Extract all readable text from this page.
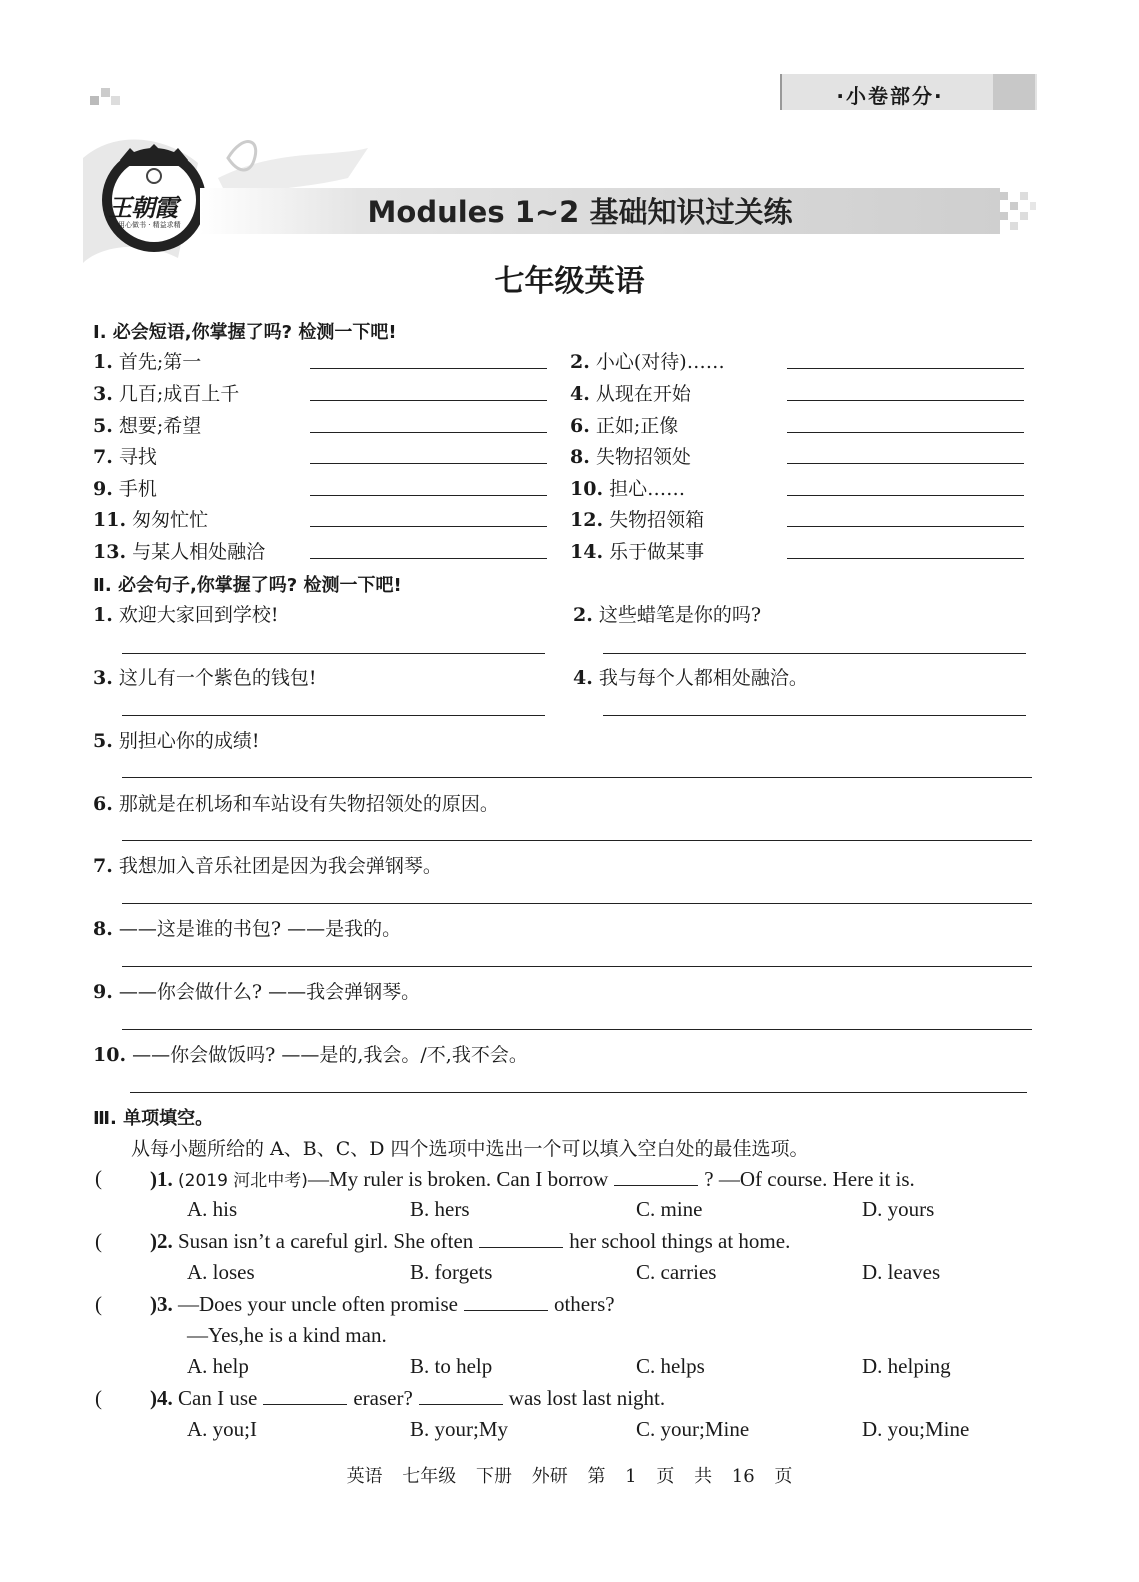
·小卷部分·
王朝霞
用心做书 · 精益求精	Modules 1~2 基础知识过关练
七年级英语
Ⅰ. 必会短语,你掌握了吗? 检测一下吧!
1. 首先;第一	2. 小心(对待)……
3. 几百;成百上千	4. 从现在开始
5. 想要;希望	6. 正如;正像
7. 寻找	8. 失物招领处
9. 手机	10. 担心……
11. 匆匆忙忙	12. 失物招领箱
13. 与某人相处融洽	14. 乐于做某事
Ⅱ. 必会句子,你掌握了吗? 检测一下吧!
1. 欢迎大家回到学校!	2. 这些蜡笔是你的吗?
3. 这儿有一个紫色的钱包!	4. 我与每个人都相处融洽。
5. 别担心你的成绩!
6. 那就是在机场和车站设有失物招领处的原因。
7. 我想加入音乐社团是因为我会弹钢琴。
8. ——这是谁的书包? ——是我的。
9. ——你会做什么? ——我会弹钢琴。
10. ——你会做饭吗? ——是的,我会。/不,我不会。
Ⅲ. 单项填空。
从每小题所给的 A、B、C、D 四个选项中选出一个可以填入空白处的最佳选项。
( )1. (2019 河北中考)—My ruler is broken. Can I borrow	? —Of course. Here it is.
A. his	B. hers	C. mine	D. yours
( )2. Susan isn’t a careful girl. She often	her school things at home.
A. loses	B. forgets	C. carries	D. leaves
( )3. —Does your uncle often promise	others?
—Yes,he is a kind man.
A. help	B. to help	C. helps	D. helping
( )4. Can I use	eraser?	was lost last night.
A. you;I	B. your;My	C. your;Mine	D. you;Mine
英语 七年级 下册 外研 第 1 页 共 16 页
